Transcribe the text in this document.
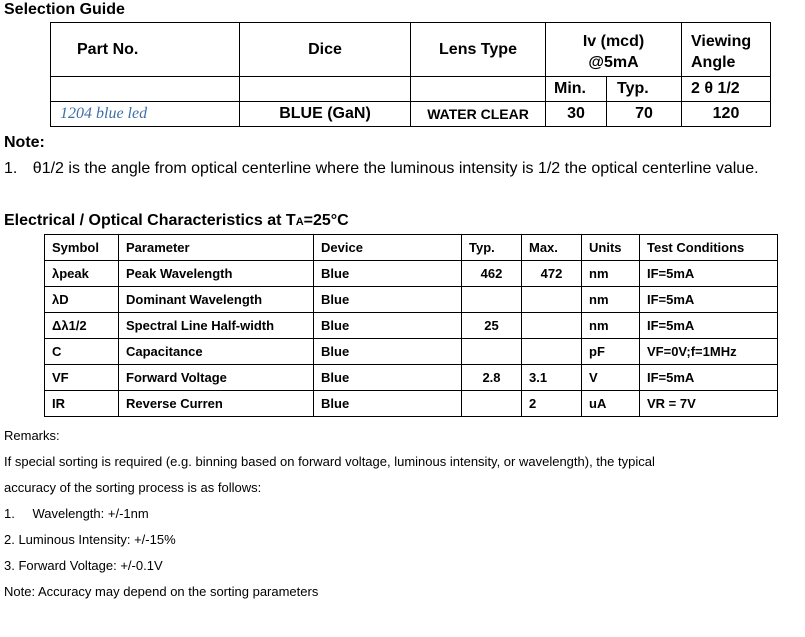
Selection Guide
Part No.	Dice	Lens Type	Iv (mcd)		Viewing
			@5mA		Angle
			Min.	Typ.	2 θ 1/2
1204 blue led	BLUE (GaN)	WATER CLEAR	30	70	120
Note:
1. θ1/2 is the angle from optical centerline where the luminous intensity is 1/2 the optical centerline value.
Electrical / Optical Characteristics at TA=25°C
Symbol	Parameter	Device	Typ.	Max.	Units	Test Conditions
λpeak	Peak Wavelength	Blue	462	472	nm	IF=5mA
λD	Dominant Wavelength	Blue			nm	IF=5mA
Δλ1/2	Spectral Line Half-width	Blue	25		nm	IF=5mA
C	Capacitance	Blue			pF	VF=0V;f=1MHz
VF	Forward Voltage	Blue	2.8	3.1	V	IF=5mA
IR	Reverse Curren	Blue		2	uA	VR = 7V
Remarks:
If special sorting is required (e.g. binning based on forward voltage, luminous intensity, or wavelength), the typical
accuracy of the sorting process is as follows:
1. Wavelength: +/-1nm
2. Luminous Intensity: +/-15%
3. Forward Voltage: +/-0.1V
Note: Accuracy may depend on the sorting parameters
